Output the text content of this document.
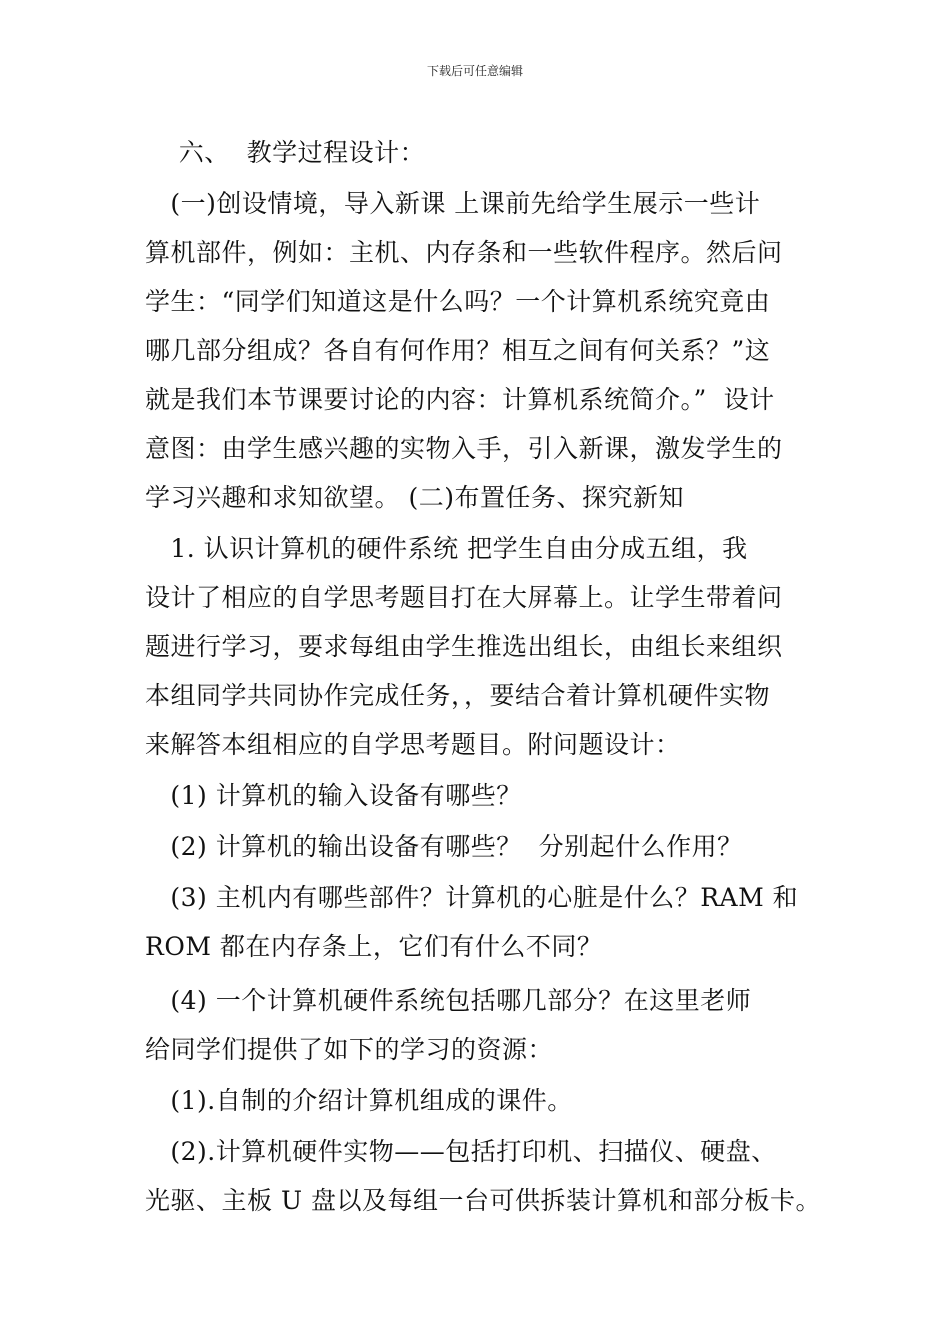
下载后可任意编辑
六、  教学过程设计：
(一)创设情境，导入新课 上课前先给学生展示一些计
算机部件，例如：主机、内存条和一些软件程序。然后问
学生：“同学们知道这是什么吗？一个计算机系统究竟由
哪几部分组成？各自有何作用？相互之间有何关系？”这
就是我们本节课要讨论的内容：计算机系统简介。”  设计
意图：由学生感兴趣的实物入手，引入新课，激发学生的
学习兴趣和求知欲望。 (二)布置任务、探究新知
1. 认识计算机的硬件系统 把学生自由分成五组，我
设计了相应的自学思考题目打在大屏幕上。让学生带着问
题进行学习，要求每组由学生推选出组长，由组长来组织
本组同学共同协作完成任务，，要结合着计算机硬件实物
来解答本组相应的自学思考题目。附问题设计：
(1) 计算机的输入设备有哪些？
(2) 计算机的输出设备有哪些？  分别起什么作用？
(3) 主机内有哪些部件？计算机的心脏是什么？RAM 和
ROM 都在内存条上，它们有什么不同？
(4) 一个计算机硬件系统包括哪几部分？在这里老师
给同学们提供了如下的学习的资源：
(1).自制的介绍计算机组成的课件。
(2).计算机硬件实物——包括打印机、扫描仪、硬盘、
光驱、主板 U 盘以及每组一台可供拆装计算机和部分板卡。
